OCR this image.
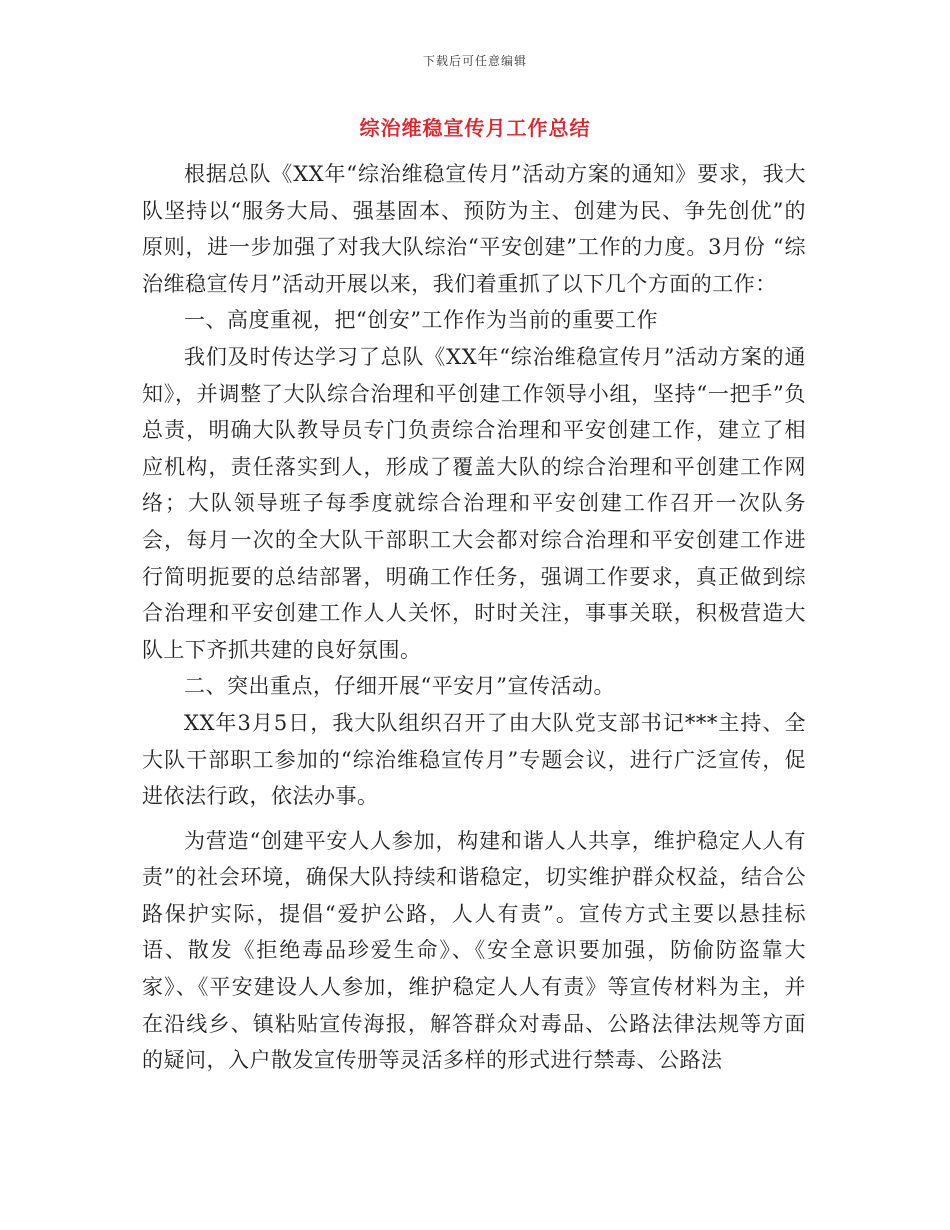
下载后可任意编辑
综治维稳宣传月工作总结

根据总队《XX年“综治维稳宣传月”活动方案的通知》要求，我大队坚持以“服务大局、强基固本、预防为主、创建为民、争先创优”的原则，进一步加强了对我大队综治“平安创建”工作的力度。3月份 “综治维稳宣传月”活动开展以来，我们着重抓了以下几个方面的工作：

一、高度重视，把“创安”工作作为当前的重要工作

我们及时传达学习了总队《XX年“综治维稳宣传月”活动方案的通知》，并调整了大队综合治理和平创建工作领导小组，坚持“一把手”负总责，明确大队教导员专门负责综合治理和平安创建工作，建立了相应机构，责任落实到人，形成了覆盖大队的综合治理和平创建工作网络；大队领导班子每季度就综合治理和平安创建工作召开一次队务会，每月一次的全大队干部职工大会都对综合治理和平安创建工作进行简明扼要的总结部署，明确工作任务，强调工作要求，真正做到综合治理和平安创建工作人人关怀，时时关注，事事关联，积极营造大队上下齐抓共建的良好氛围。

二、突出重点，仔细开展“平安月”宣传活动。

XX年3月5日，我大队组织召开了由大队党支部书记***主持、全大队干部职工参加的“综治维稳宣传月”专题会议，进行广泛宣传，促进依法行政，依法办事。

为营造“创建平安人人参加，构建和谐人人共享，维护稳定人人有责”的社会环境，确保大队持续和谐稳定，切实维护群众权益，结合公路保护实际，提倡“爱护公路，人人有责”。宣传方式主要以悬挂标语、散发《拒绝毒品珍爱生命》、《安全意识要加强，防偷防盗靠大家》、《平安建设人人参加，维护稳定人人有责》等宣传材料为主，并在沿线乡、镇粘贴宣传海报，解答群众对毒品、公路法律法规等方面的疑问，入户散发宣传册等灵活多样的形式进行禁毒、公路法
